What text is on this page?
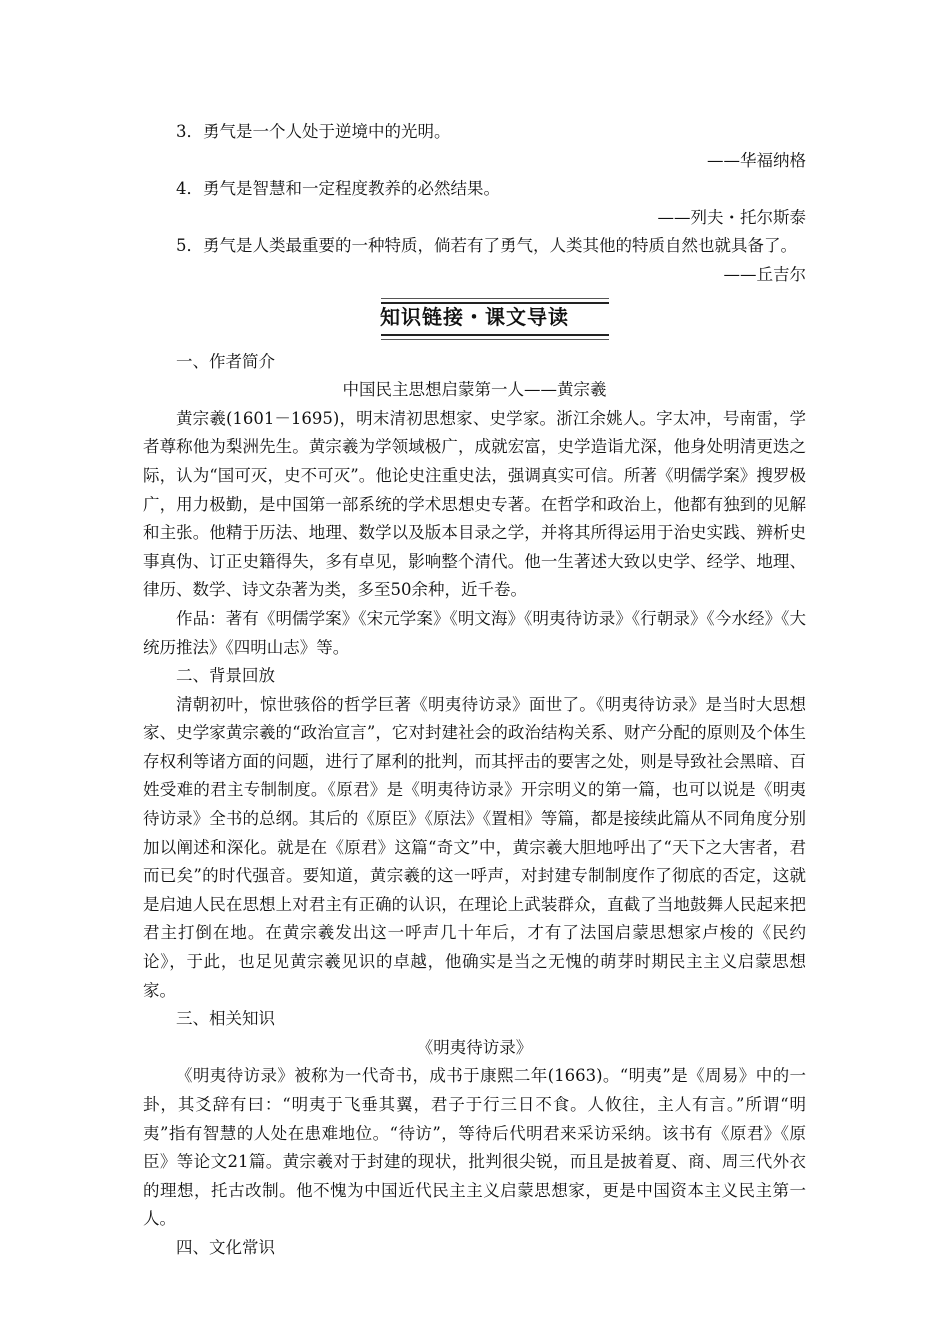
3．勇气是一个人处于逆境中的光明。

——华福纳格

4．勇气是智慧和一定程度教养的必然结果。

——列夫・托尔斯泰

5．勇气是人类最重要的一种特质，倘若有了勇气，人类其他的特质自然也就具备了。

——丘吉尔

知识链接・课文导读

一、作者简介

中国民主思想启蒙第一人——黄宗羲

黄宗羲(1601－1695)，明末清初思想家、史学家。浙江余姚人。字太冲，号南雷，学者尊称他为梨洲先生。黄宗羲为学领域极广，成就宏富，史学造诣尤深，他身处明清更迭之际，认为“国可灭，史不可灭”。他论史注重史法，强调真实可信。所著《明儒学案》搜罗极广，用力极勤，是中国第一部系统的学术思想史专著。在哲学和政治上，他都有独到的见解和主张。他精于历法、地理、数学以及版本目录之学，并将其所得运用于治史实践、辨析史事真伪、订正史籍得失，多有卓见，影响整个清代。他一生著述大致以史学、经学、地理、律历、数学、诗文杂著为类，多至50余种，近千卷。

作品：著有《明儒学案》《宋元学案》《明文海》《明夷待访录》《行朝录》《今水经》《大统历推法》《四明山志》等。

二、背景回放

清朝初叶，惊世骇俗的哲学巨著《明夷待访录》面世了。《明夷待访录》是当时大思想家、史学家黄宗羲的“政治宣言”，它对封建社会的政治结构关系、财产分配的原则及个体生存权利等诸方面的问题，进行了犀利的批判，而其抨击的要害之处，则是导致社会黑暗、百姓受难的君主专制制度。《原君》是《明夷待访录》开宗明义的第一篇，也可以说是《明夷待访录》全书的总纲。其后的《原臣》《原法》《置相》等篇，都是接续此篇从不同角度分别加以阐述和深化。就是在《原君》这篇“奇文”中，黄宗羲大胆地呼出了“天下之大害者，君而已矣”的时代强音。要知道，黄宗羲的这一呼声，对封建专制制度作了彻底的否定，这就是启迪人民在思想上对君主有正确的认识，在理论上武装群众，直截了当地鼓舞人民起来把君主打倒在地。在黄宗羲发出这一呼声几十年后，才有了法国启蒙思想家卢梭的《民约论》，于此，也足见黄宗羲见识的卓越，他确实是当之无愧的萌芽时期民主主义启蒙思想家。

三、相关知识

《明夷待访录》

《明夷待访录》被称为一代奇书，成书于康熙二年(1663)。“明夷”是《周易》中的一卦，其爻辞有曰：“明夷于飞垂其翼，君子于行三日不食。人攸往，主人有言。”所谓“明夷”指有智慧的人处在患难地位。“待访”，等待后代明君来采访采纳。该书有《原君》《原臣》等论文21篇。黄宗羲对于封建的现状，批判很尖锐，而且是披着夏、商、周三代外衣的理想，托古改制。他不愧为中国近代民主主义启蒙思想家，更是中国资本主义民主第一人。

四、文化常识
